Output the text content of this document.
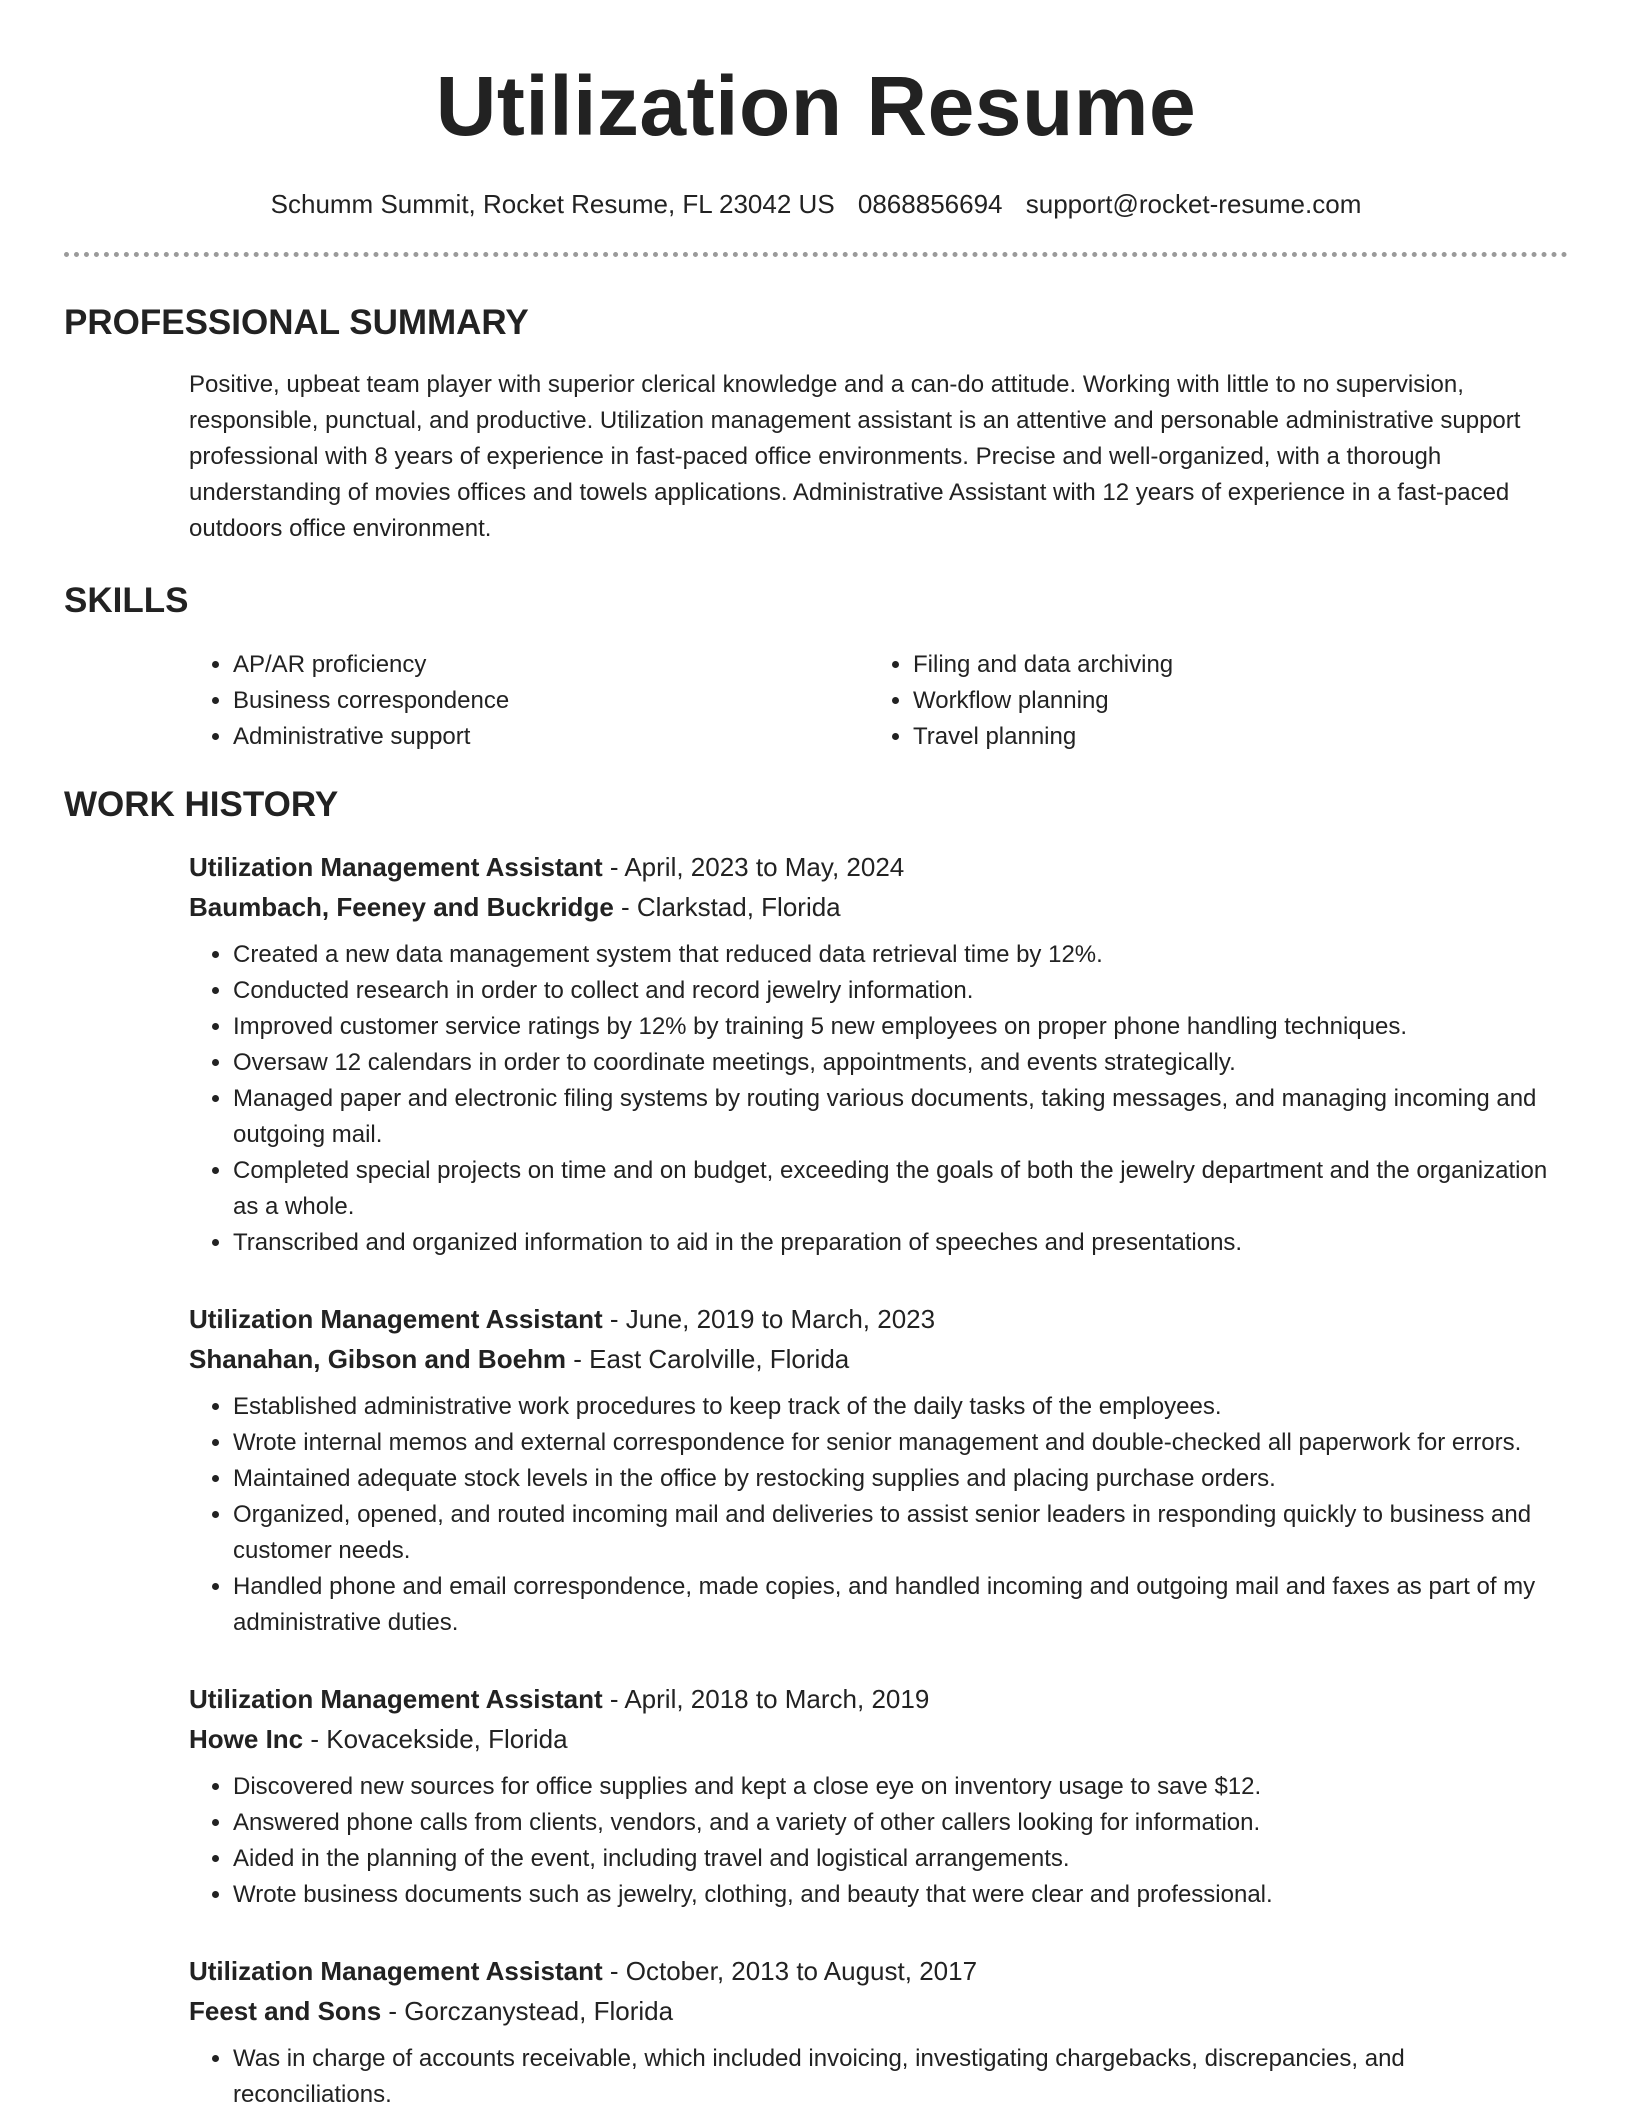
Utilization Resume
Schumm Summit, Rocket Resume, FL 23042 US 0868856694 support@rocket-resume.com
PROFESSIONAL SUMMARY

Positive, upbeat team player with superior clerical knowledge and a can-do attitude. Working with little to no supervision, responsible, punctual, and productive. Utilization management assistant is an attentive and personable administrative support professional with 8 years of experience in fast-paced office environments. Precise and well-organized, with a thorough understanding of movies offices and towels applications. Administrative Assistant with 12 years of experience in a fast-paced outdoors office environment.

SKILLS
• AP/AR proficiency
• Business correspondence
• Administrative support
• Filing and data archiving
• Workflow planning
• Travel planning
WORK HISTORY
Utilization Management Assistant - April, 2023 to May, 2024
Baumbach, Feeney and Buckridge - Clarkstad, Florida
• Created a new data management system that reduced data retrieval time by 12%.
• Conducted research in order to collect and record jewelry information.
• Improved customer service ratings by 12% by training 5 new employees on proper phone handling techniques.
• Oversaw 12 calendars in order to coordinate meetings, appointments, and events strategically.
• Managed paper and electronic filing systems by routing various documents, taking messages, and managing incoming and outgoing mail.
• Completed special projects on time and on budget, exceeding the goals of both the jewelry department and the organization as a whole.
• Transcribed and organized information to aid in the preparation of speeches and presentations.
Utilization Management Assistant - June, 2019 to March, 2023
Shanahan, Gibson and Boehm - East Carolville, Florida
• Established administrative work procedures to keep track of the daily tasks of the employees.
• Wrote internal memos and external correspondence for senior management and double-checked all paperwork for errors.
• Maintained adequate stock levels in the office by restocking supplies and placing purchase orders.
• Organized, opened, and routed incoming mail and deliveries to assist senior leaders in responding quickly to business and customer needs.
• Handled phone and email correspondence, made copies, and handled incoming and outgoing mail and faxes as part of my administrative duties.
Utilization Management Assistant - April, 2018 to March, 2019
Howe Inc - Kovacekside, Florida
• Discovered new sources for office supplies and kept a close eye on inventory usage to save $12.
• Answered phone calls from clients, vendors, and a variety of other callers looking for information.
• Aided in the planning of the event, including travel and logistical arrangements.
• Wrote business documents such as jewelry, clothing, and beauty that were clear and professional.
Utilization Management Assistant - October, 2013 to August, 2017
Feest and Sons - Gorczanystead, Florida
• Was in charge of accounts receivable, which included invoicing, investigating chargebacks, discrepancies, and reconciliations.
